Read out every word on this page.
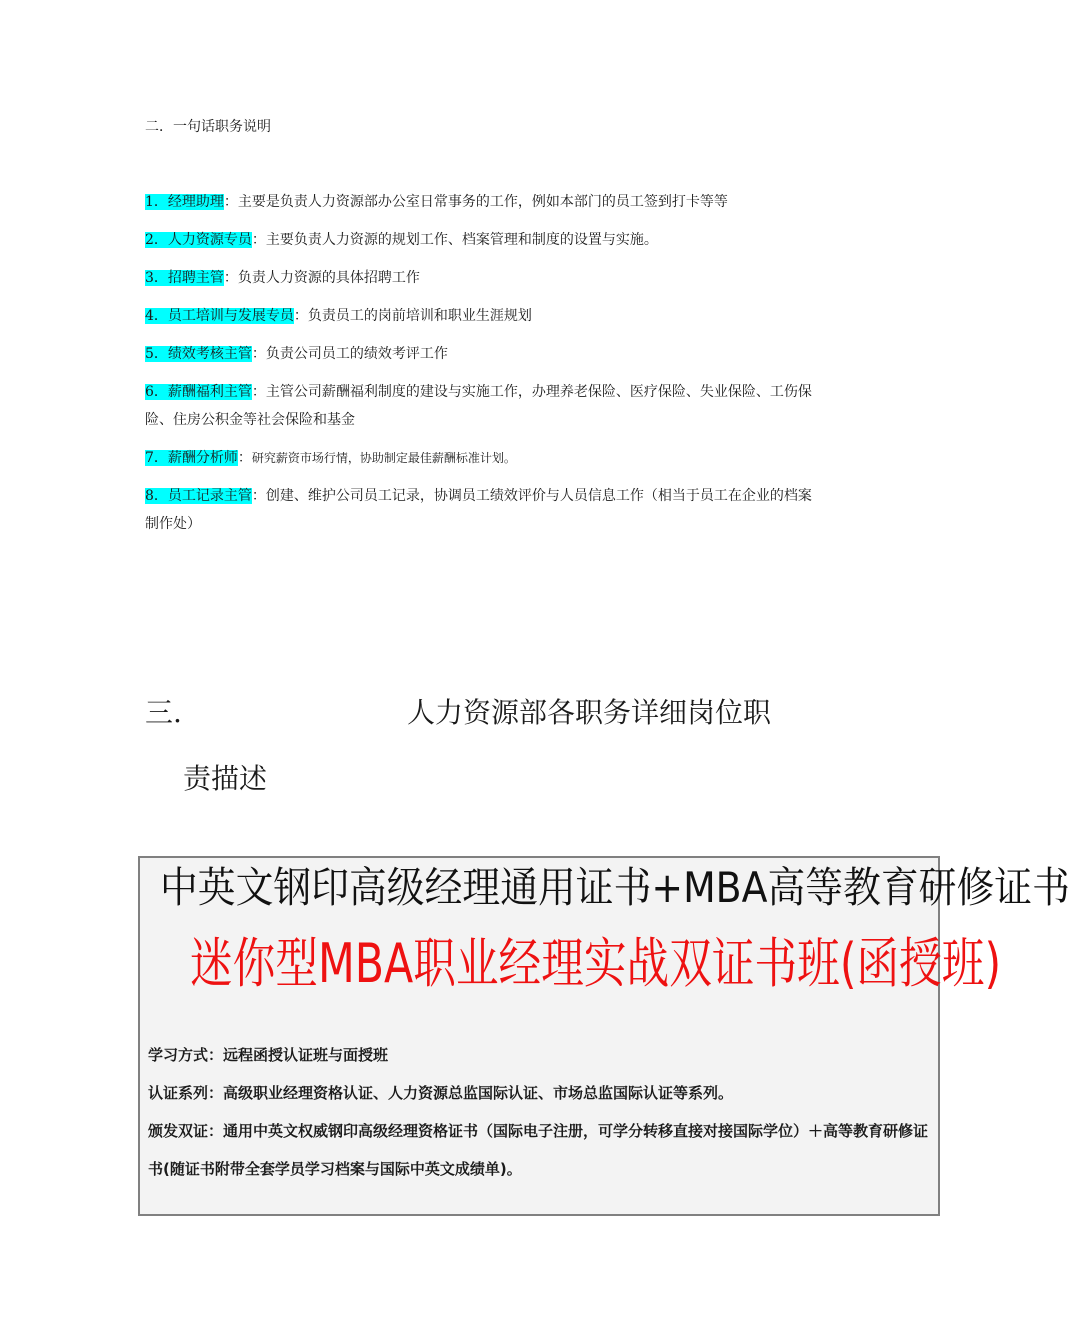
二．一句话职务说明
1．经理助理：主要是负责人力资源部办公室日常事务的工作，例如本部门的员工签到打卡等等
2．人力资源专员：主要负责人力资源的规划工作、档案管理和制度的设置与实施。
3．招聘主管：负责人力资源的具体招聘工作
4．员工培训与发展专员：负责员工的岗前培训和职业生涯规划
5．绩效考核主管：负责公司员工的绩效考评工作
6．薪酬福利主管：主管公司薪酬福利制度的建设与实施工作，办理养老保险、医疗保险、失业保险、工伤保险、住房公积金等社会保险和基金
7．薪酬分析师：研究薪资市场行情，协助制定最佳薪酬标准计划。
8．员工记录主管：创建、维护公司员工记录，协调员工绩效评价与人员信息工作（相当于员工在企业的档案制作处）
三.	人力资源部各职务详细岗位职
责描述
中英文钢印高级经理通用证书+MBA高等教育研修证书
迷你型MBA职业经理实战双证书班(函授班)

学习方式：远程函授认证班与面授班

认证系列：高级职业经理资格认证、人力资源总监国际认证、市场总监国际认证等系列。

颁发双证：通用中英文权威钢印高级经理资格证书（国际电子注册，可学分转移直接对接国际学位）＋高等教育研修证书(随证书附带全套学员学习档案与国际中英文成绩单)。
